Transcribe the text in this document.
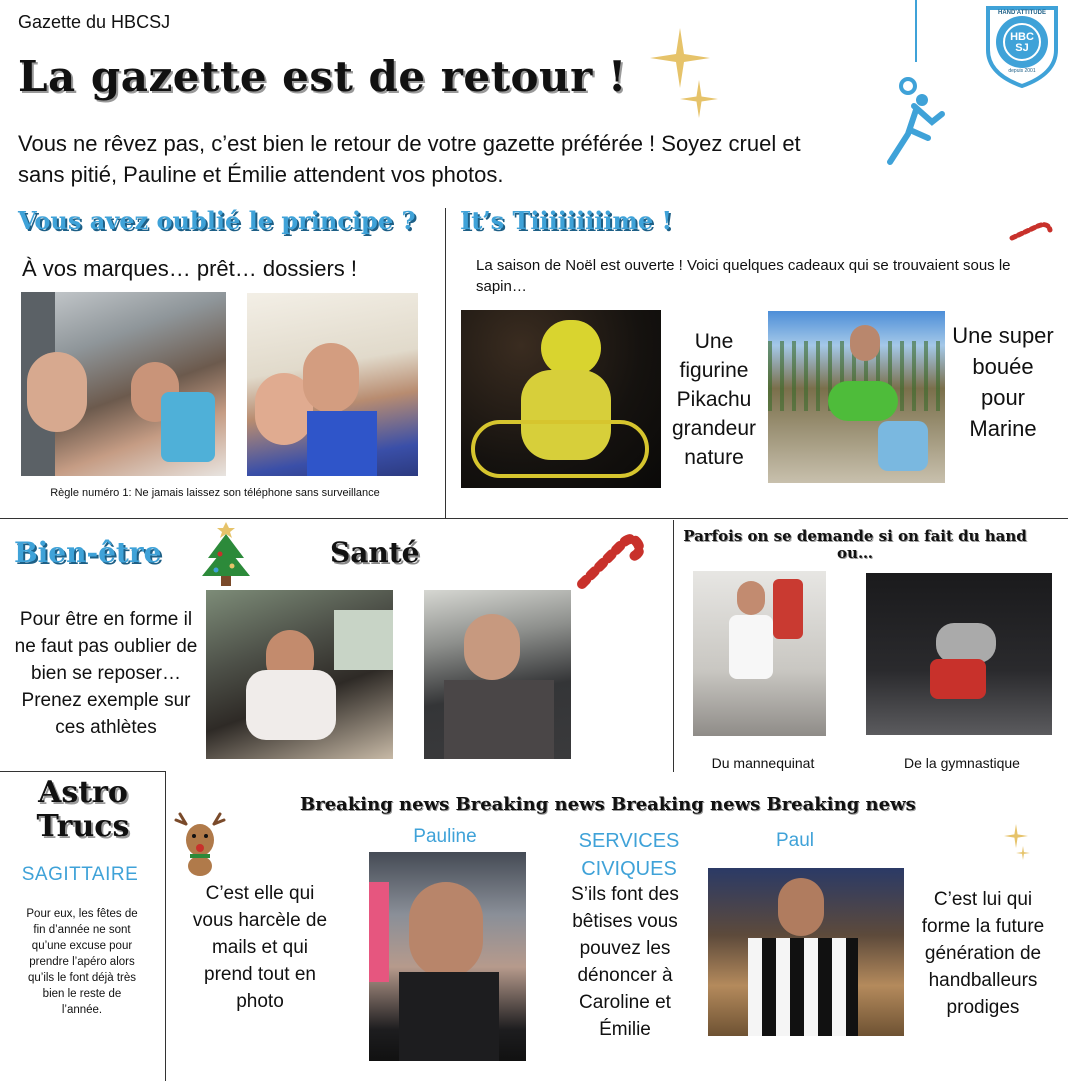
Gazette du HBCSJ
La gazette est de retour !
Vous ne rêvez pas, c’est bien le retour de votre gazette préférée ! Soyez cruel et sans pitié, Pauline et Émilie attendent vos photos.
HAND'ATTITUDE
HBC SJ
depuis 2001
Vous avez oublié le principe ?
À vos marques… prêt… dossiers !
Règle numéro 1: Ne jamais laissez son téléphone sans surveillance
It’s Tiiiiiiiiime !
La saison de Noël est ouverte ! Voici quelques cadeaux qui se trouvaient sous le sapin…
Une figurine Pikachu grandeur nature
Une super bouée pour Marine
Bien-être	Santé
Pour être en forme il ne faut pas oublier de bien se reposer… Prenez exemple sur ces athlètes
Parfois on se demande si on fait du hand ou…
Du mannequinat	De la gymnastique
Astro
Trucs
SAGITTAIRE
Pour eux, les fêtes de fin d’année ne sont qu’une excuse pour prendre l’apéro alors qu’ils le font déjà très bien le reste de l’année.
Breaking news Breaking news Breaking news Breaking news
Pauline
C’est elle qui vous harcèle de mails et qui prend tout en photo
SERVICES
CIVIQUES
S’ils font des bêtises vous pouvez les dénoncer à Caroline et Émilie
Paul
C’est lui qui forme la future génération de handballeurs prodiges
